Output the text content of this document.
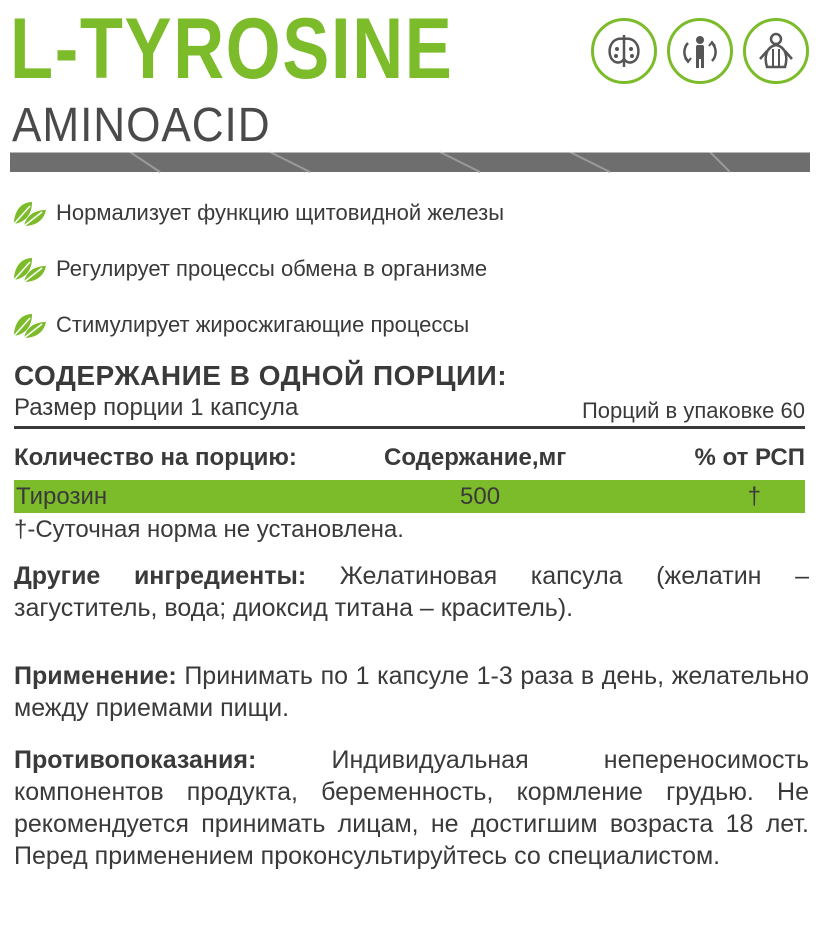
L-TYROSINE
AMINOACID
Нормализует функцию щитовидной железы
Регулирует процессы обмена в организме
Стимулирует жиросжигающие процессы
СОДЕРЖАНИЕ В ОДНОЙ ПОРЦИИ:
Размер порции 1 капсула	Порций в упаковке 60
Количество на порцию:	Содержание,мг	% от РСП
Тирозин	500	†
†-Суточная норма не установлена.
Другие ингредиенты: Желатиновая капсула (желатин – загуститель, вода; диоксид титана – краситель).
Применение: Принимать по 1 капсуле 1-3 раза в день, желательно между приемами пищи.
Противопоказания: Индивидуальная непереносимость компонентов продукта, беременность, кормление грудью. Не рекомендуется принимать лицам, не достигшим возраста 18 лет. Перед применением проконсультируйтесь со специалистом.
